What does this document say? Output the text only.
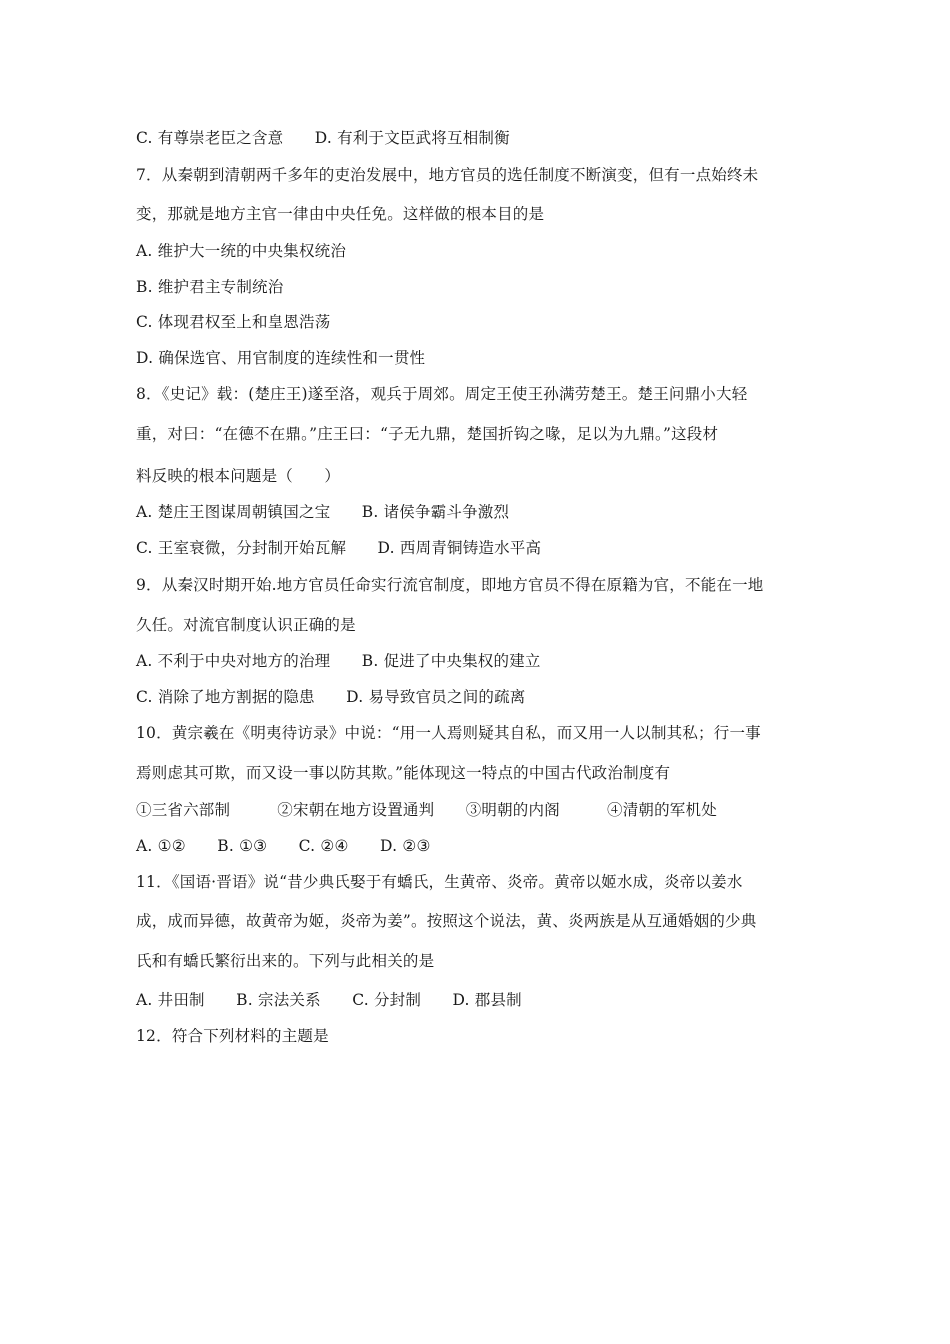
C. 有尊崇老臣之含意　　D. 有利于文臣武将互相制衡
7．从秦朝到清朝两千多年的吏治发展中，地方官员的选任制度不断演变，但有一点始终未
变，那就是地方主官一律由中央任免。这样做的根本目的是
A. 维护大一统的中央集权统治
B. 维护君主专制统治
C. 体现君权至上和皇恩浩荡
D. 确保选官、用官制度的连续性和一贯性
8．《史记》载：(楚庄王)遂至洛，观兵于周郊。周定王使王孙满劳楚王。楚王问鼎小大轻
重，对曰：“在德不在鼎。”庄王曰：“子无九鼎，楚国折钩之喙，足以为九鼎。”这段材
料反映的根本问题是（　　）
A. 楚庄王图谋周朝镇国之宝　　B. 诸侯争霸斗争激烈
C. 王室衰微，分封制开始瓦解　　D. 西周青铜铸造水平高
9．从秦汉时期开始.地方官员任命实行流官制度，即地方官员不得在原籍为官，不能在一地
久任。对流官制度认识正确的是
A. 不利于中央对地方的治理　　B. 促进了中央集权的建立
C. 消除了地方割据的隐患　　D. 易导致官员之间的疏离
10．黄宗羲在《明夷待访录》中说：“用一人焉则疑其自私，而又用一人以制其私；行一事
焉则虑其可欺，而又设一事以防其欺。”能体现这一特点的中国古代政治制度有
①三省六部制　　　②宋朝在地方设置通判　　③明朝的内阁　　　④清朝的军机处
A. ①②　　B. ①③　　C. ②④　　D. ②③
11．《国语·晋语》说“昔少典氏娶于有蟜氏，生黄帝、炎帝。黄帝以姬水成，炎帝以姜水
成，成而异德，故黄帝为姬，炎帝为姜”。按照这个说法，黄、炎两族是从互通婚姻的少典
氏和有蟜氏繁衍出来的。下列与此相关的是
A. 井田制　　B. 宗法关系　　C. 分封制　　D. 郡县制
12．符合下列材料的主题是
